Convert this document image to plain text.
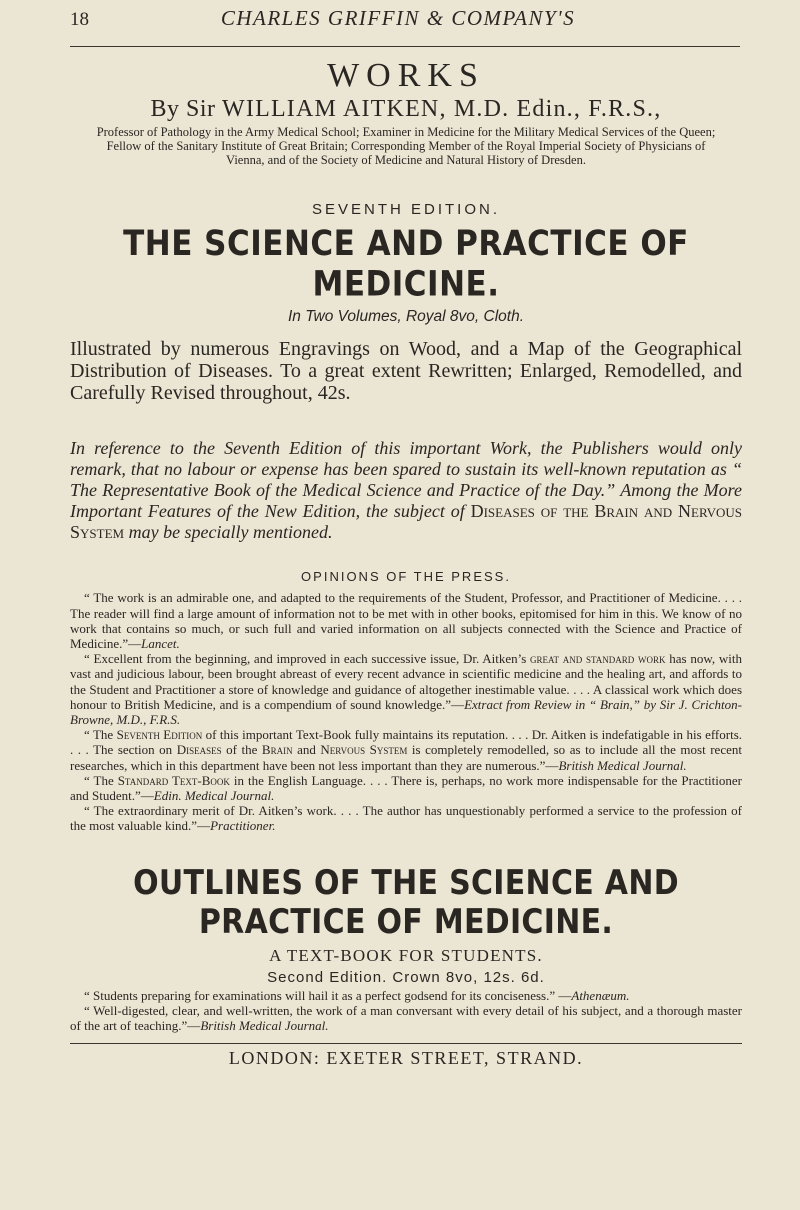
18	CHARLES GRIFFIN & COMPANY'S
WORKS
By Sir WILLIAM AITKEN, M.D. Edin., F.R.S.,
Professor of Pathology in the Army Medical School; Examiner in Medicine for the Military Medical Services of the Queen; Fellow of the Sanitary Institute of Great Britain; Corresponding Member of the Royal Imperial Society of Physicians of Vienna, and of the Society of Medicine and Natural History of Dresden.
SEVENTH EDITION.
THE SCIENCE AND PRACTICE OF MEDICINE.
In Two Volumes, Royal 8vo, Cloth.
Illustrated by numerous Engravings on Wood, and a Map of the Geographical Distribution of Diseases. To a great extent Rewritten; Enlarged, Remodelled, and Carefully Revised throughout, 42s.

In reference to the Seventh Edition of this important Work, the Publishers would only remark, that no labour or expense has been spared to sustain its well-known reputation as “ The Representative Book of the Medical Science and Practice of the Day.” Among the More Important Features of the New Edition, the subject of Diseases of the Brain and Nervous System may be specially mentioned.

OPINIONS OF THE PRESS.

“ The work is an admirable one, and adapted to the requirements of the Student, Professor, and Practitioner of Medicine. . . . The reader will find a large amount of information not to be met with in other books, epitomised for him in this. We know of no work that contains so much, or such full and varied information on all subjects connected with the Science and Practice of Medicine.”—Lancet.

“ Excellent from the beginning, and improved in each successive issue, Dr. Aitken’s great and standard work has now, with vast and judicious labour, been brought abreast of every recent advance in scientific medicine and the healing art, and affords to the Student and Practitioner a store of knowledge and guidance of altogether inestimable value. . . . A classical work which does honour to British Medicine, and is a compendium of sound knowledge.”—Extract from Review in “ Brain,” by Sir J. Crichton-Browne, M.D., F.R.S.

“ The Seventh Edition of this important Text-Book fully maintains its reputation. . . . Dr. Aitken is indefatigable in his efforts. . . . The section on Diseases of the Brain and Nervous System is completely remodelled, so as to include all the most recent researches, which in this department have been not less important than they are numerous.”—British Medical Journal.

“ The Standard Text-Book in the English Language. . . . There is, perhaps, no work more indispensable for the Practitioner and Student.”—Edin. Medical Journal.

“ The extraordinary merit of Dr. Aitken’s work. . . . The author has unquestionably performed a service to the profession of the most valuable kind.”—Practitioner.

OUTLINES OF THE SCIENCE AND PRACTICE OF MEDICINE.
A TEXT-BOOK FOR STUDENTS.
Second Edition. Crown 8vo, 12s. 6d.

“ Students preparing for examinations will hail it as a perfect godsend for its conciseness.” —Athenæum.

“ Well-digested, clear, and well-written, the work of a man conversant with every detail of his subject, and a thorough master of the art of teaching.”—British Medical Journal.

LONDON: EXETER STREET, STRAND.
